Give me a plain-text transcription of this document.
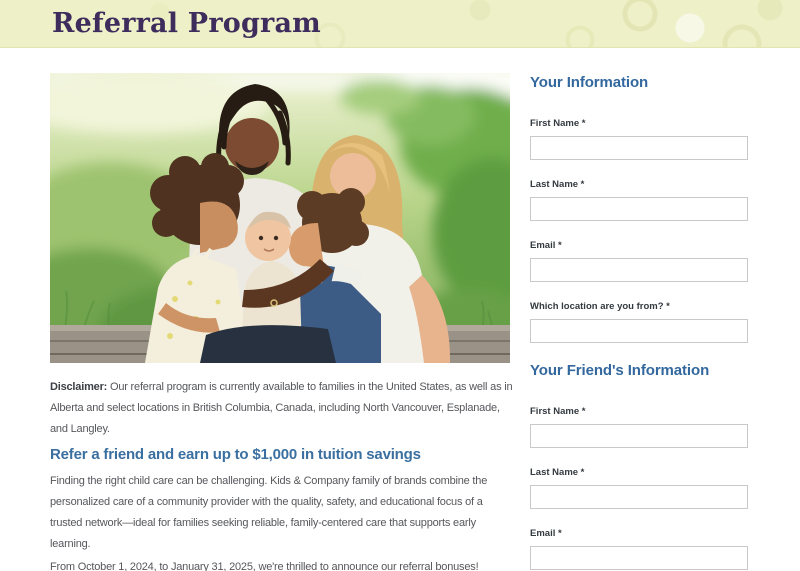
Referral Program

Disclaimer: Our referral program is currently available to families in the United States, as well as in Alberta and select locations in British Columbia, Canada, including North Vancouver, Esplanade, and Langley.

Refer a friend and earn up to $1,000 in tuition savings

Finding the right child care can be challenging. Kids & Company family of brands combine the personalized care of a community provider with the quality, safety, and educational focus of a trusted network—ideal for families seeking reliable, family-centered care that supports early learning.

From October 1, 2024, to January 31, 2025, we're thrilled to announce our referral bonuses!

Your Information
First Name *
Last Name *
Email *
Which location are you from? *
Your Friend's Information
First Name *
Last Name *
Email *
